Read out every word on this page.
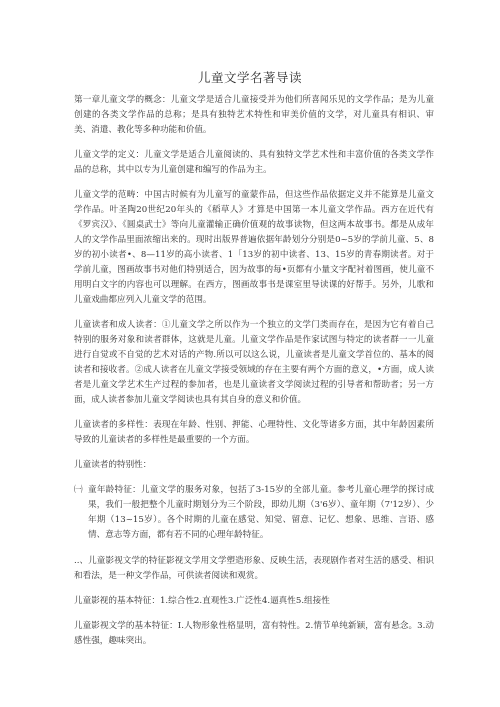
儿童文学名著导读

第一章儿童文学的概念：儿童文学是适合儿童接受并为他们所喜闻乐见的文学作品；是为儿童创建的各类文学作品的总称；是具有独特艺术特性和审美价值的文学，对儿童具有相识、审美、消遣、教化等多种功能和价值。

儿童文学的定义：儿童文学是适合儿童阅读的、具有独特文学艺术性和丰富价值的各类文学作品的总称，其中以专为儿童创建和编写的作品为主。

儿童文学的范畴：中国古时候有为儿童写的童蒙作品，但这些作品依据定义并不能算是儿童文学作品。叶圣陶20世纪20年头的《稻草人》才算是中国第一本儿童文学作品。西方在近代有《罗宾汉》、《圆桌武士》等向儿童灌输正确价值观的故事读物，但这两本故事书。都是从成年人的文学作品里面浓缩出来的。现时出版界普遍依据年龄划分分别是0~5岁的学前儿童、5、8岁的初小读者•、8—11岁的高小读者、1「13岁的初中读者、13、15岁的青春期读者。对于学前儿童，图画故事书对他们特别适合，因为故事的每•页都有小量文字配衬着图画，使儿童不用明白文字的内容也可以理解。在西方，图画故事书是课室里导读课的好帮手。另外，儿歌和儿童戏曲都应列入儿童文学的范围。

儿童读者和成人读者：①儿童文学之所以作为一个独立的文学门类而存在，是因为它有着自己特别的服务对象和读者群体，这就是儿童。儿童文学作品是作家试图与特定的读者群一一儿童进行自觉或不自觉的艺术对话的产物.所以可以这么说，儿童读者是儿童文学首位的、基本的阅读者和接收者。②成人读者在儿童文学接受领域的存在主要有两个方面的意义，•方面，成人读者是儿童文学艺术生产过程的参加者，也是儿童读者文学阅读过程的引导者和帮助者；另一方面，成人读者参加儿童文学阅读也具有其自身的意义和价值。

儿童读者的多样性：表现在年龄、性别、押能、心理特性、文化等诸多方面，其中年龄因素所导致的儿童读者的多样性是最重要的一个方面。

儿童读者的特别性：

㈠ 童年龄特征：儿童文学的服务对象，包括了3-15岁的全部儿童。参考儿童心理学的探讨成果，我们一般把整个儿童时期划分为三个阶段，即幼儿期（3'6岁）、童年期（7'12岁）、少年期（13~15岁）。各个时期的儿童在感觉、知觉、留意、记忆、想象、思维、言语、感情、意志等方面，都有若不同的心理年龄特征。

..、儿童影视文学的特征影视文学用文学塑造形象、反映生活，表现剧作者对生活的感受、相识和看法，是一种文学作品，可供读者阅读和观赏。

儿童影视的基本特征：1.综合性2.直观性3.广泛性4.逼真性5.组接性

儿童影视文学的基本特征：I.人物形象性格显明，富有特性。2.情节单纯新颖，富有悬念。3.动感性强，趣味突出。
